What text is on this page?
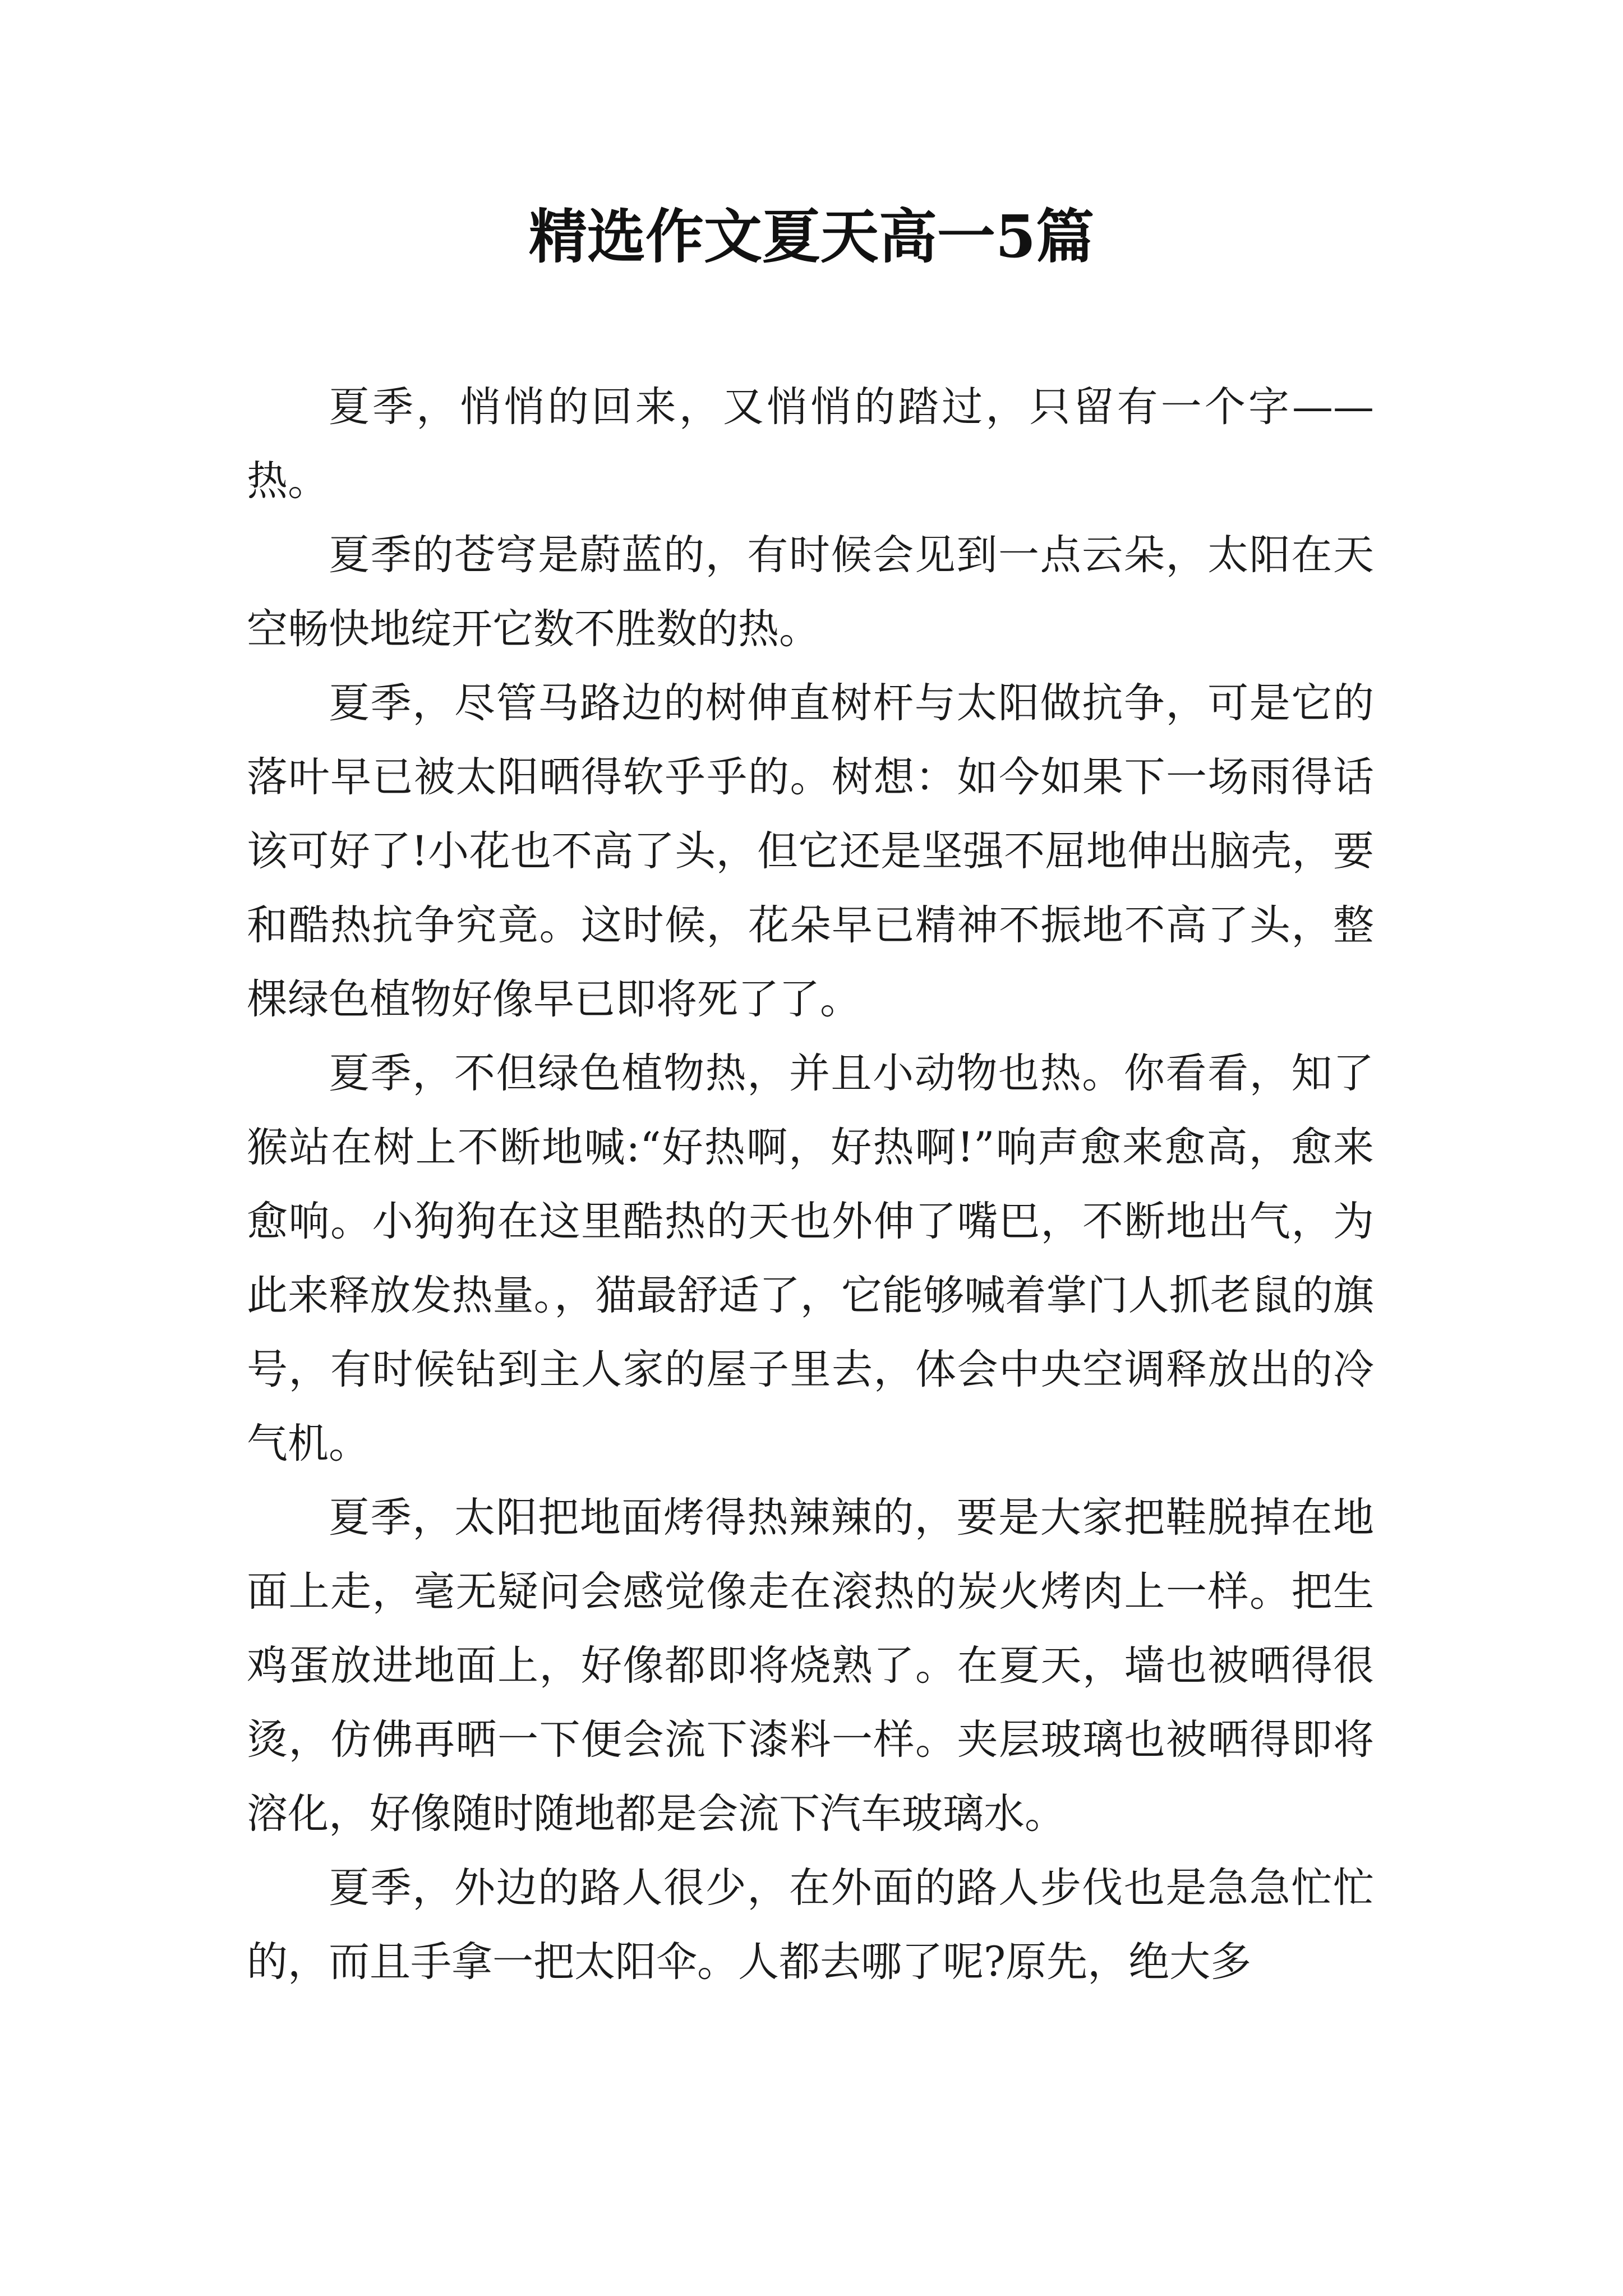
精选作文夏天高一5篇

夏季，悄悄的回来，又悄悄的踏过，只留有一个字——热。

夏季的苍穹是蔚蓝的，有时候会见到一点云朵，太阳在天空畅快地绽开它数不胜数的热。

夏季，尽管马路边的树伸直树杆与太阳做抗争，可是它的落叶早已被太阳晒得软乎乎的。树想：如今如果下一场雨得话该可好了!小花也不高了头，但它还是坚强不屈地伸出脑壳，要和酷热抗争究竟。这时候，花朵早已精神不振地不高了头，整棵绿色植物好像早已即将死了了。

夏季，不但绿色植物热，并且小动物也热。你看看，知了猴站在树上不断地喊:“好热啊，好热啊!”响声愈来愈高，愈来愈响。小狗狗在这里酷热的天也外伸了嘴巴，不断地出气，为此来释放发热量。，猫最舒适了，它能够喊着掌门人抓老鼠的旗号，有时候钻到主人家的屋子里去，体会中央空调释放出的冷气机。

夏季，太阳把地面烤得热辣辣的，要是大家把鞋脱掉在地面上走，毫无疑问会感觉像走在滚热的炭火烤肉上一样。把生鸡蛋放进地面上，好像都即将烧熟了。在夏天，墙也被晒得很烫，仿佛再晒一下便会流下漆料一样。夹层玻璃也被晒得即将溶化，好像随时随地都是会流下汽车玻璃水。

夏季，外边的路人很少，在外面的路人步伐也是急急忙忙的，而且手拿一把太阳伞。人都去哪了呢?原先，绝大多
